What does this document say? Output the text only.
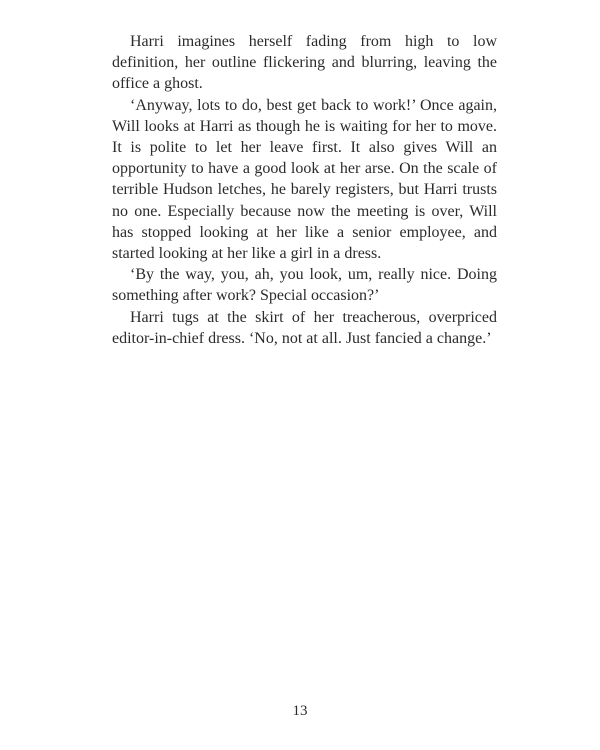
Harri imagines herself fading from high to low definition, her outline flickering and blurring, leaving the office a ghost.

‘Anyway, lots to do, best get back to work!’ Once again, Will looks at Harri as though he is waiting for her to move. It is polite to let her leave first. It also gives Will an opportunity to have a good look at her arse. On the scale of terrible Hudson letches, he barely registers, but Harri trusts no one. Especially because now the meeting is over, Will has stopped looking at her like a senior employee, and started looking at her like a girl in a dress.

‘By the way, you, ah, you look, um, really nice. Doing something after work? Special occasion?’

Harri tugs at the skirt of her treacherous, overpriced editor-in-chief dress. ‘No, not at all. Just fancied a change.’

13
